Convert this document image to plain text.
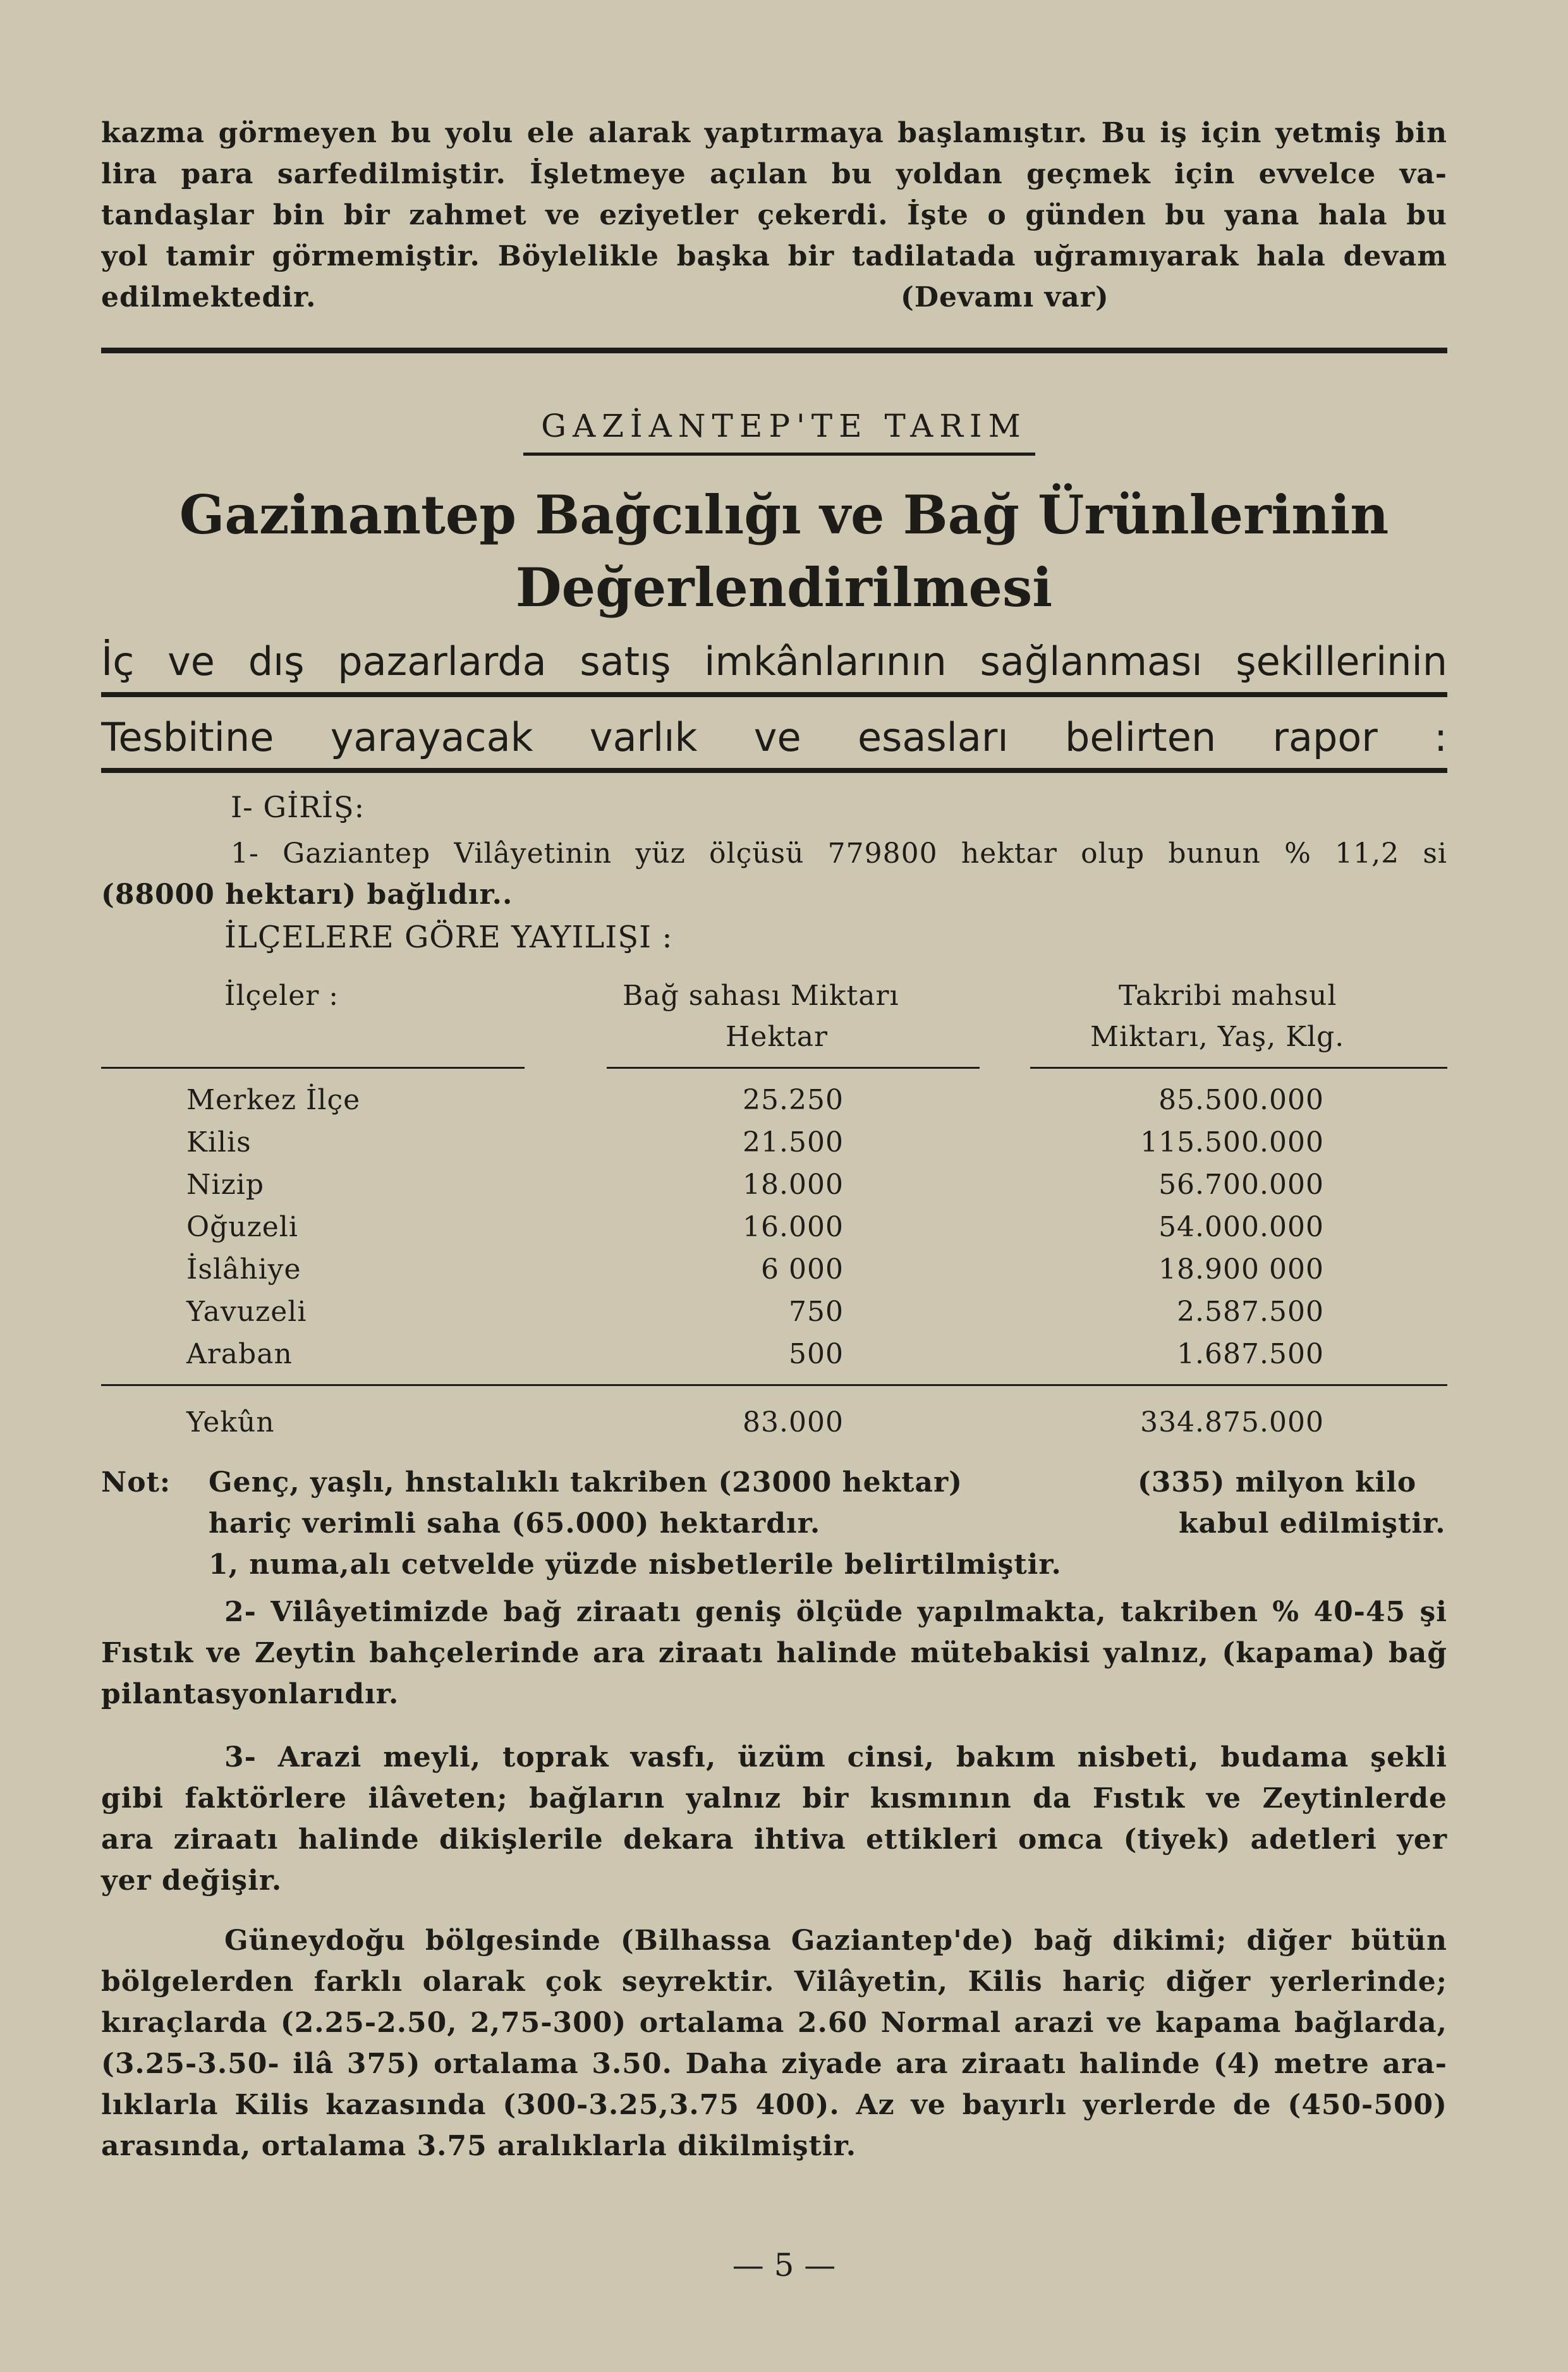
kazma görmeyen bu yolu ele alarak yaptırmaya başlamıştır. Bu iş için yetmiş bin
lira para sarfedilmiştir. İşletmeye açılan bu yoldan geçmek için evvelce va-
tandaşlar bin bir zahmet ve eziyetler çekerdi. İşte o günden bu yana hala bu
yol tamir görmemiştir. Böylelikle başka bir tadilatada uğramıyarak hala devam
edilmektedir.	(Devamı var)
GAZİANTEP'TE TARIM
Gazinantep Bağcılığı ve Bağ Ürünlerinin
Değerlendirilmesi
İç ve dış pazarlarda satış imkânlarının sağlanması şekillerinin
Tesbitine yarayacak varlık ve esasları belirten rapor :
I- GİRİŞ:
1- Gaziantep Vilâyetinin yüz ölçüsü 779800 hektar olup bunun % 11,2 si
(88000 hektarı) bağlıdır..
İLÇELERE GÖRE YAYILIŞI :
İlçeler :	Bağ sahası Miktarı
Hektar
Takribi mahsul
Miktarı, Yaş, Klg.
Merkez İlçe	25.250	85.500.000
Kilis	21.500	115.500.000
Nizip	18.000	56.700.000
Oğuzeli	16.000	54.000.000
İslâhiye	6 000	18.900 000
Yavuzeli	750	2.587.500
Araban	500	1.687.500
Yekûn	83.000	334.875.000
Not: Genç, yaşlı, hnstalıklı takriben (23000 hektar)	(335) milyon kilo
hariç verimli saha (65.000) hektardır.	kabul edilmiştir.
1, numa,alı cetvelde yüzde nisbetlerile belirtilmiştir.
2- Vilâyetimizde bağ ziraatı geniş ölçüde yapılmakta, takriben % 40-45 şi
Fıstık ve Zeytin bahçelerinde ara ziraatı halinde mütebakisi yalnız, (kapama) bağ
pilantasyonlarıdır.
3- Arazi meyli, toprak vasfı, üzüm cinsi, bakım nisbeti, budama şekli
gibi faktörlere ilâveten; bağların yalnız bir kısmının da Fıstık ve Zeytinlerde
ara ziraatı halinde dikişlerile dekara ihtiva ettikleri omca (tiyek) adetleri yer
yer değişir.
Güneydoğu bölgesinde (Bilhassa Gaziantep'de) bağ dikimi; diğer bütün
bölgelerden farklı olarak çok seyrektir. Vilâyetin, Kilis hariç diğer yerlerinde;
kıraçlarda (2.25-2.50, 2,75-300) ortalama 2.60 Normal arazi ve kapama bağlarda,
(3.25-3.50- ilâ 375) ortalama 3.50. Daha ziyade ara ziraatı halinde (4) metre ara-
lıklarla Kilis kazasında (300-3.25,3.75 400). Az ve bayırlı yerlerde de (450-500)
arasında, ortalama 3.75 aralıklarla dikilmiştir.
— 5 —
